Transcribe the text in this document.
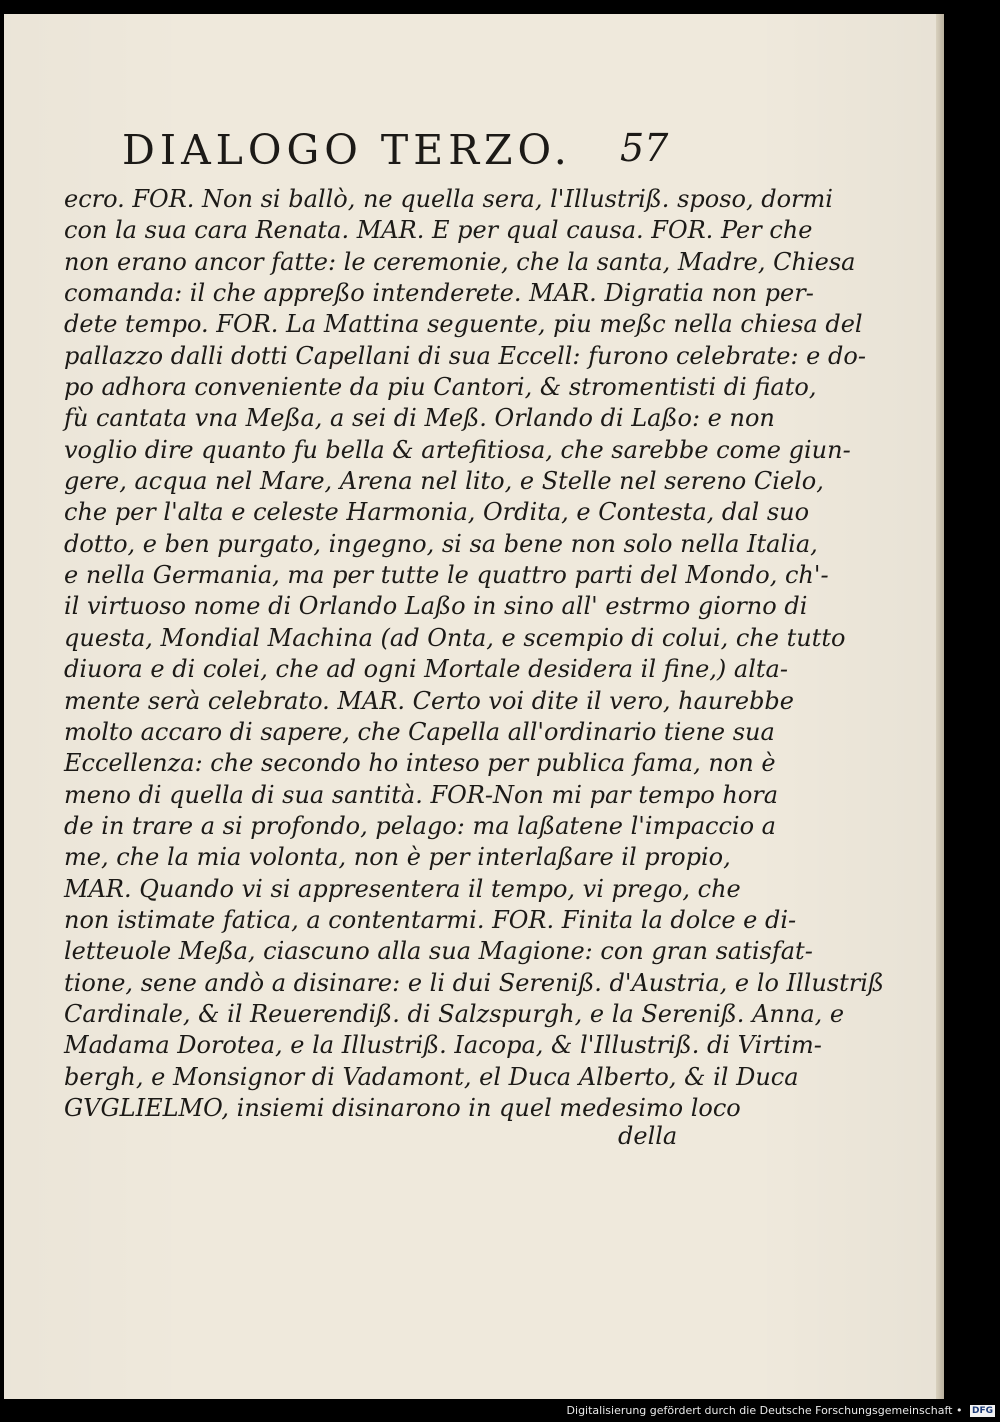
DIALOGO TERZO. 57
ecro. FOR. Non si ballò, ne quella sera, l'Illustriß. sposo, dormi
con la sua cara Renata. MAR. E per qual causa. FOR. Per che
non erano ancor fatte: le ceremonie, che la santa, Madre, Chiesa
comanda: il che appreßo intenderete. MAR. Digratia non per-
dete tempo. FOR. La Mattina seguente, piu meßc nella chiesa del
pallazzo dalli dotti Capellani di sua Eccell: furono celebrate: e do-
po adhora conveniente da piu Cantori, & stromentisti di fiato,
fù cantata vna Meßa, a sei di Meß. Orlando di Laßo: e non
voglio dire quanto fu bella & artefitiosa, che sarebbe come giun-
gere, acqua nel Mare, Arena nel lito, e Stelle nel sereno Cielo,
che per l'alta e celeste Harmonia, Ordita, e Contesta, dal suo
dotto, e ben purgato, ingegno, si sa bene non solo nella Italia,
e nella Germania, ma per tutte le quattro parti del Mondo, ch'-
il virtuoso nome di Orlando Laßo in sino all' estrmo giorno di
questa, Mondial Machina (ad Onta, e scempio di colui, che tutto
diuora e di colei, che ad ogni Mortale desidera il fine,) alta-
mente serà celebrato. MAR. Certo voi dite il vero, haurebbe
molto accaro di sapere, che Capella all'ordinario tiene sua
Eccellenza: che secondo ho inteso per publica fama, non è
meno di quella di sua santità. FOR-Non mi par tempo hora
de in trare a si profondo, pelago: ma laßatene l'impaccio a
me, che la mia volonta, non è per interlaßare il propio,
MAR. Quando vi si appresentera il tempo, vi prego, che
non istimate fatica, a contentarmi. FOR. Finita la dolce e di-
letteuole Meßa, ciascuno alla sua Magione: con gran satisfat-
tione, sene andò a disinare: e li dui Sereniß. d'Austria, e lo Illustriß
Cardinale, & il Reuerendiß. di Salzspurgh, e la Sereniß. Anna, e
Madama Dorotea, e la Illustriß. Iacopa, & l'Illustriß. di Virtim-
bergh, e Monsignor di Vadamont, el Duca Alberto, & il Duca
GVGLIELMO, insiemi disinarono in quel medesimo loco
della
Digitalisierung gefördert durch die Deutsche Forschungsgemeinschaft • DFG
